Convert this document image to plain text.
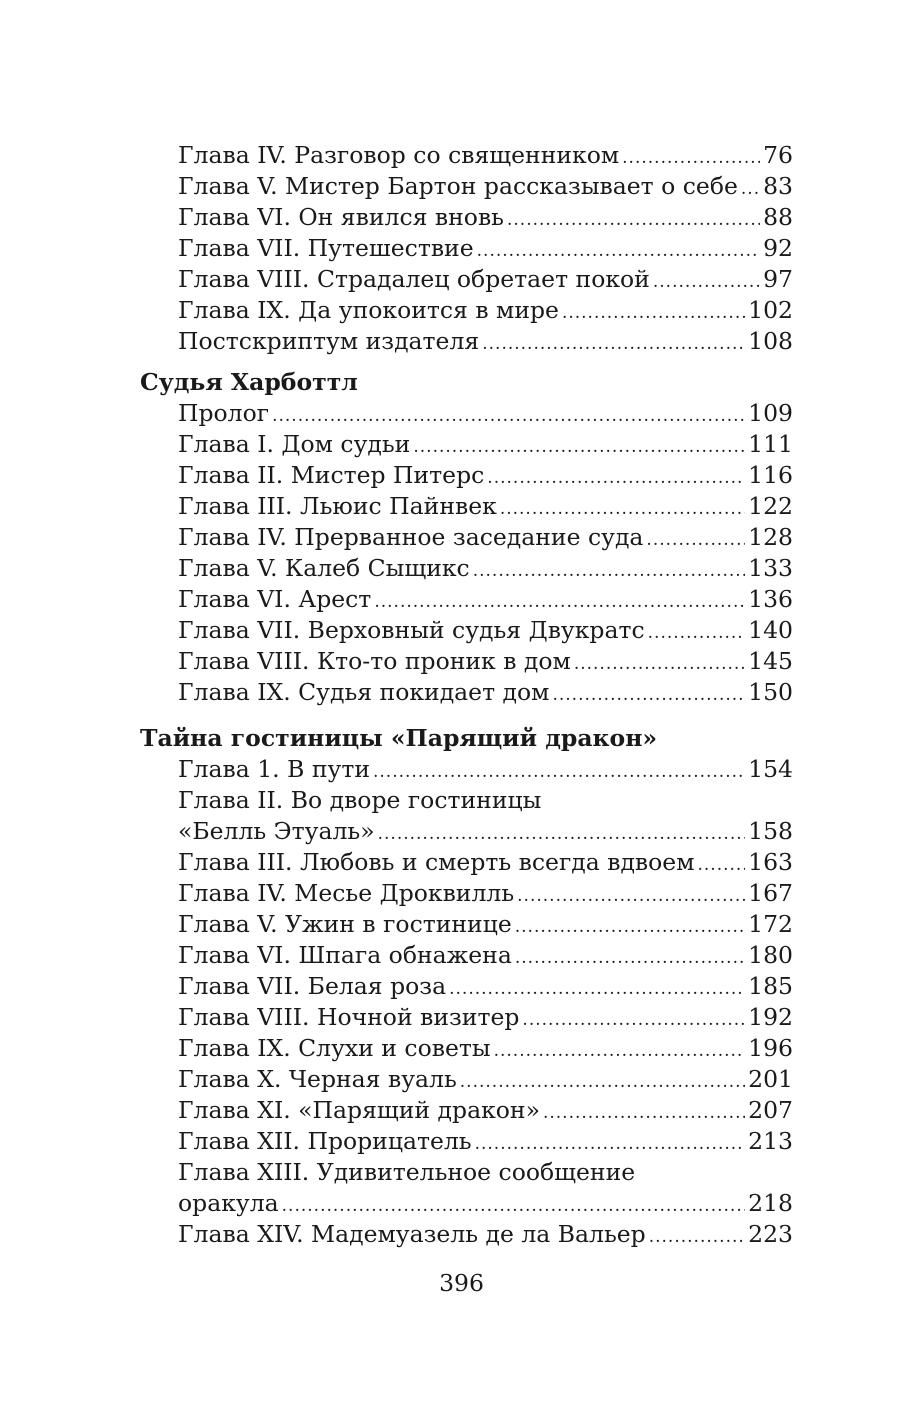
Глава IV. Разговор со священником .....	76
Глава V. Мистер Бартон рассказывает о себе ..... 83
Глава VI. Он явился вновь .....	88
Глава VII. Путешествие .....	92
Глава VIII. Страдалец обретает покой .....	97
Глава IX. Да упокоится в мире .....	102
Постскриптум издателя .....	108
Судья Харботтл
Пролог .....	109
Глава I. Дом судьи .....	111
Глава II. Мистер Питерс .....	116
Глава III. Льюис Пайнвек .....	122
Глава IV. Прерванное заседание суда .....	128
Глава V. Калеб Сыщикс .....	133
Глава VI. Арест .....	136
Глава VII. Верховный судья Двукратс .....	140
Глава VIII. Кто-то проник в дом .....	145
Глава IX. Судья покидает дом .....	150
Тайна гостиницы «Парящий дракон»
Глава 1. В пути .....	154
Глава II. Во дворе гостиницы
«Белль Этуаль» .....	158
Глава III. Любовь и смерть всегда вдвоем ..... 163
Глава IV. Месье Дроквилль .....	167
Глава V. Ужин в гостинице .....	172
Глава VI. Шпага обнажена .....	180
Глава VII. Белая роза .....	185
Глава VIII. Ночной визитер .....	192
Глава IX. Слухи и советы .....	196
Глава X. Черная вуаль .....	201
Глава XI. «Парящий дракон» .....	207
Глава XII. Прорицатель .....	213
Глава XIII. Удивительное сообщение
оракула .....	218
Глава XIV. Мадемуазель де ла Вальер .....	223
396
